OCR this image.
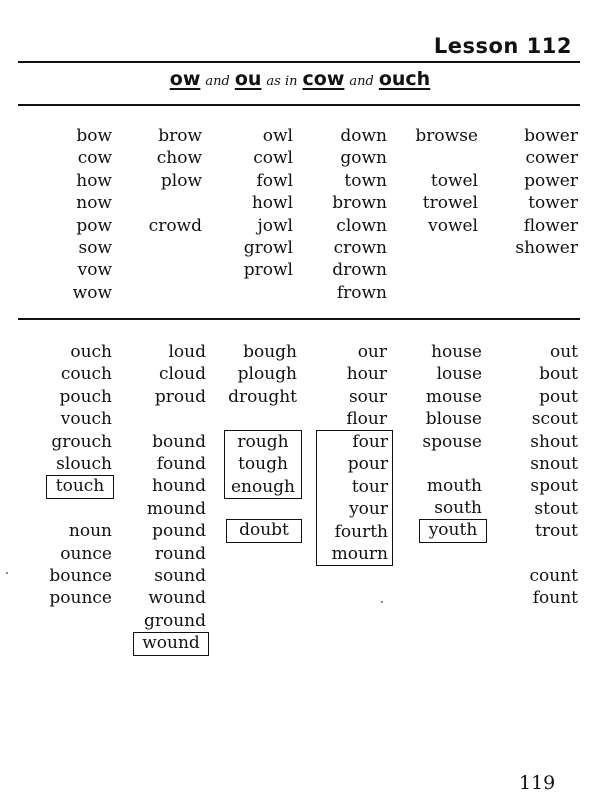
Lesson 112
ow and ou as in cow and ouch
bow
cow
how
now
pow
sow
vow
wow
brow
chow
plow
crowd
owl
cowl
fowl
howl
jowl
growl
prowl
down
gown
town
brown
clown
crown
drown
frown
browse
towel
trowel
vowel
bower
cower
power
tower
flower
shower
ouch
couch
pouch
vouch
grouch
slouch
noun
ounce
bounce
pounce
touch
loud
cloud
proud
bound
found
hound
mound
pound
round
sound
wound
ground
wound
bough
plough
drought
rough
tough
enough
doubt
our
hour
sour
flour
four
pour
tour
your
fourth
mourn
house
louse
mouse
blouse
spouse
mouth
south
youth
out
bout
pout
scout
shout
snout
spout
stout
trout
count
fount
119
